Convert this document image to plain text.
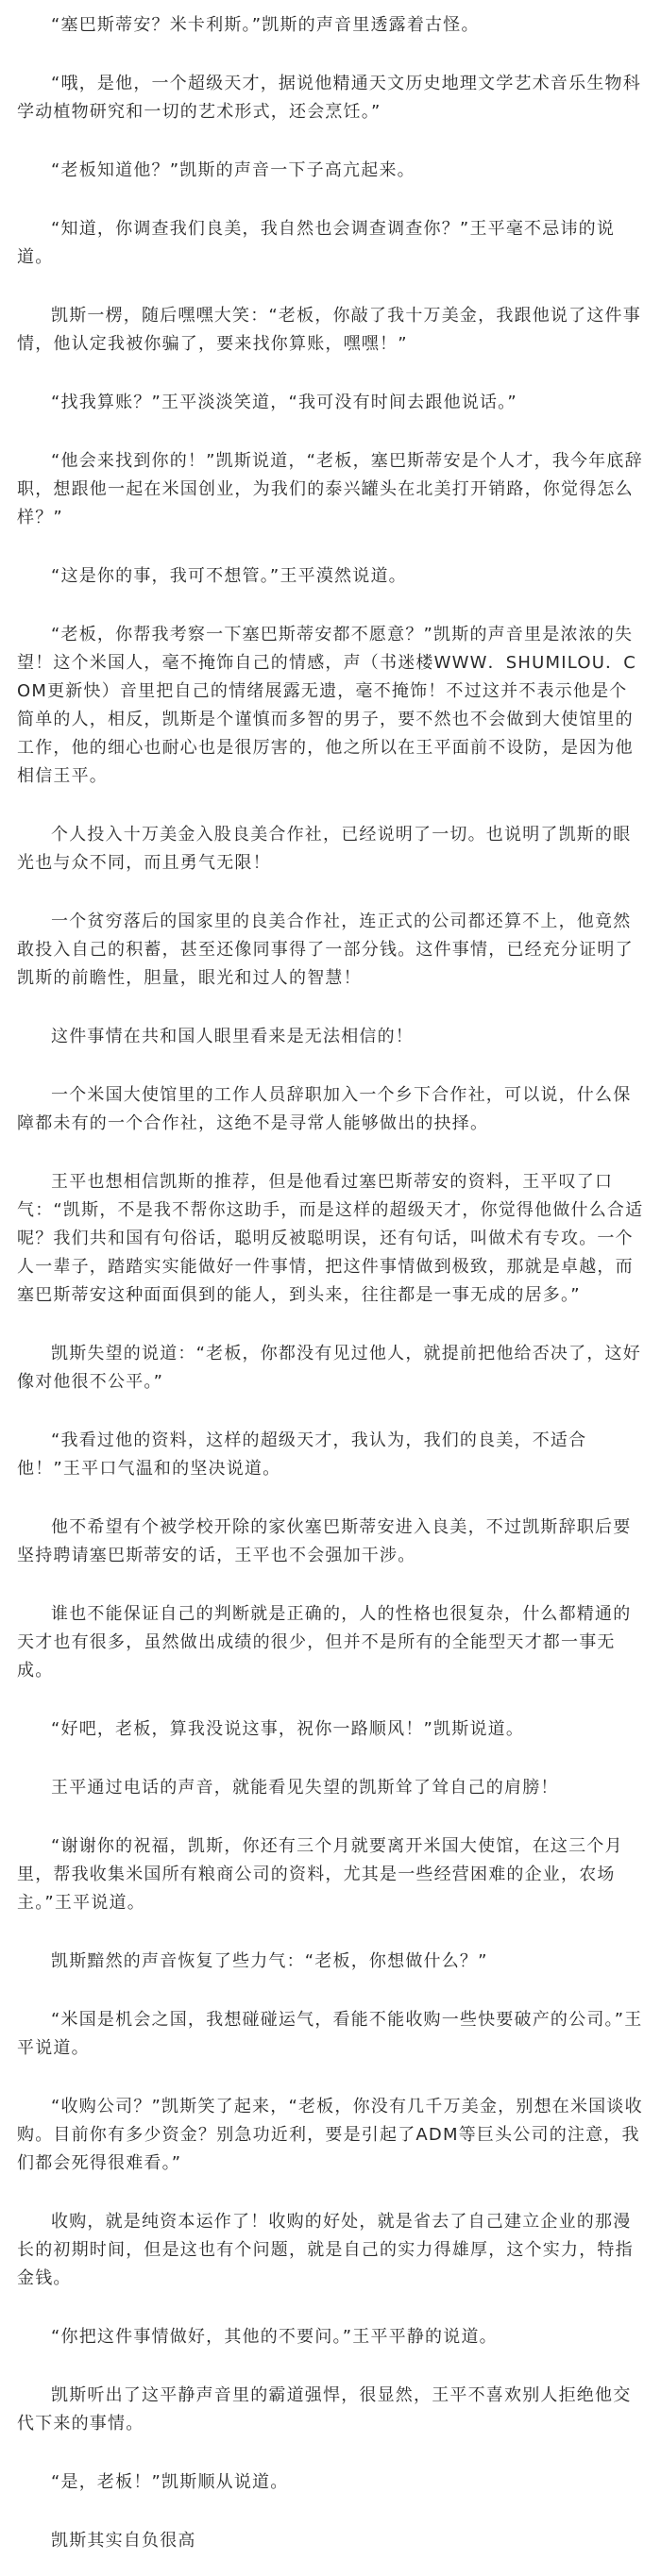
“塞巴斯蒂安？米卡利斯。”凯斯的声音里透露着古怪。

“哦，是他，一个超级天才，据说他精通天文历史地理文学艺术音乐生物科学动植物研究和一切的艺术形式，还会烹饪。”

“老板知道他？”凯斯的声音一下子高亢起来。

“知道，你调查我们良美，我自然也会调查调查你？”王平毫不忌讳的说道。

凯斯一楞，随后嘿嘿大笑：“老板，你敲了我十万美金，我跟他说了这件事情，他认定我被你骗了，要来找你算账，嘿嘿！”

“找我算账？”王平淡淡笑道，“我可没有时间去跟他说话。”

“他会来找到你的！”凯斯说道，“老板，塞巴斯蒂安是个人才，我今年底辞职，想跟他一起在米国创业，为我们的泰兴罐头在北美打开销路，你觉得怎么样？”

“这是你的事，我可不想管。”王平漠然说道。

“老板，你帮我考察一下塞巴斯蒂安都不愿意？”凯斯的声音里是浓浓的失望！这个米国人，毫不掩饰自己的情感，声（书迷楼WWW．SHUMILOU．COM更新快）音里把自己的情绪展露无遗，毫不掩饰！不过这并不表示他是个简单的人，相反，凯斯是个谨慎而多智的男子，要不然也不会做到大使馆里的工作，他的细心也耐心也是很厉害的，他之所以在王平面前不设防，是因为他相信王平。

个人投入十万美金入股良美合作社，已经说明了一切。也说明了凯斯的眼光也与众不同，而且勇气无限！

一个贫穷落后的国家里的良美合作社，连正式的公司都还算不上，他竟然敢投入自己的积蓄，甚至还像同事得了一部分钱。这件事情，已经充分证明了凯斯的前瞻性，胆量，眼光和过人的智慧！

这件事情在共和国人眼里看来是无法相信的！

一个米国大使馆里的工作人员辞职加入一个乡下合作社，可以说，什么保障都未有的一个合作社，这绝不是寻常人能够做出的抉择。

王平也想相信凯斯的推荐，但是他看过塞巴斯蒂安的资料，王平叹了口气：“凯斯，不是我不帮你这助手，而是这样的超级天才，你觉得他做什么合适呢？我们共和国有句俗话，聪明反被聪明误，还有句话，叫做术有专攻。一个人一辈子，踏踏实实能做好一件事情，把这件事情做到极致，那就是卓越，而塞巴斯蒂安这种面面俱到的能人，到头来，往往都是一事无成的居多。”

凯斯失望的说道：“老板，你都没有见过他人，就提前把他给否决了，这好像对他很不公平。”

“我看过他的资料，这样的超级天才，我认为，我们的良美，不适合他！”王平口气温和的坚决说道。

他不希望有个被学校开除的家伙塞巴斯蒂安进入良美，不过凯斯辞职后要坚持聘请塞巴斯蒂安的话，王平也不会强加干涉。

谁也不能保证自己的判断就是正确的，人的性格也很复杂，什么都精通的天才也有很多，虽然做出成绩的很少，但并不是所有的全能型天才都一事无成。

“好吧，老板，算我没说这事，祝你一路顺风！”凯斯说道。

王平通过电话的声音，就能看见失望的凯斯耸了耸自己的肩膀！

“谢谢你的祝福，凯斯，你还有三个月就要离开米国大使馆，在这三个月里，帮我收集米国所有粮商公司的资料，尤其是一些经营困难的企业，农场主。”王平说道。

凯斯黯然的声音恢复了些力气：“老板，你想做什么？”

“米国是机会之国，我想碰碰运气，看能不能收购一些快要破产的公司。”王平说道。

“收购公司？”凯斯笑了起来，“老板，你没有几千万美金，别想在米国谈收购。目前你有多少资金？别急功近利，要是引起了ADM等巨头公司的注意，我们都会死得很难看。”

收购，就是纯资本运作了！收购的好处，就是省去了自己建立企业的那漫长的初期时间，但是这也有个问题，就是自己的实力得雄厚，这个实力，特指金钱。

“你把这件事情做好，其他的不要问。”王平平静的说道。

凯斯听出了这平静声音里的霸道强悍，很显然，王平不喜欢别人拒绝他交代下来的事情。

“是，老板！”凯斯顺从说道。

凯斯其实自负很高
